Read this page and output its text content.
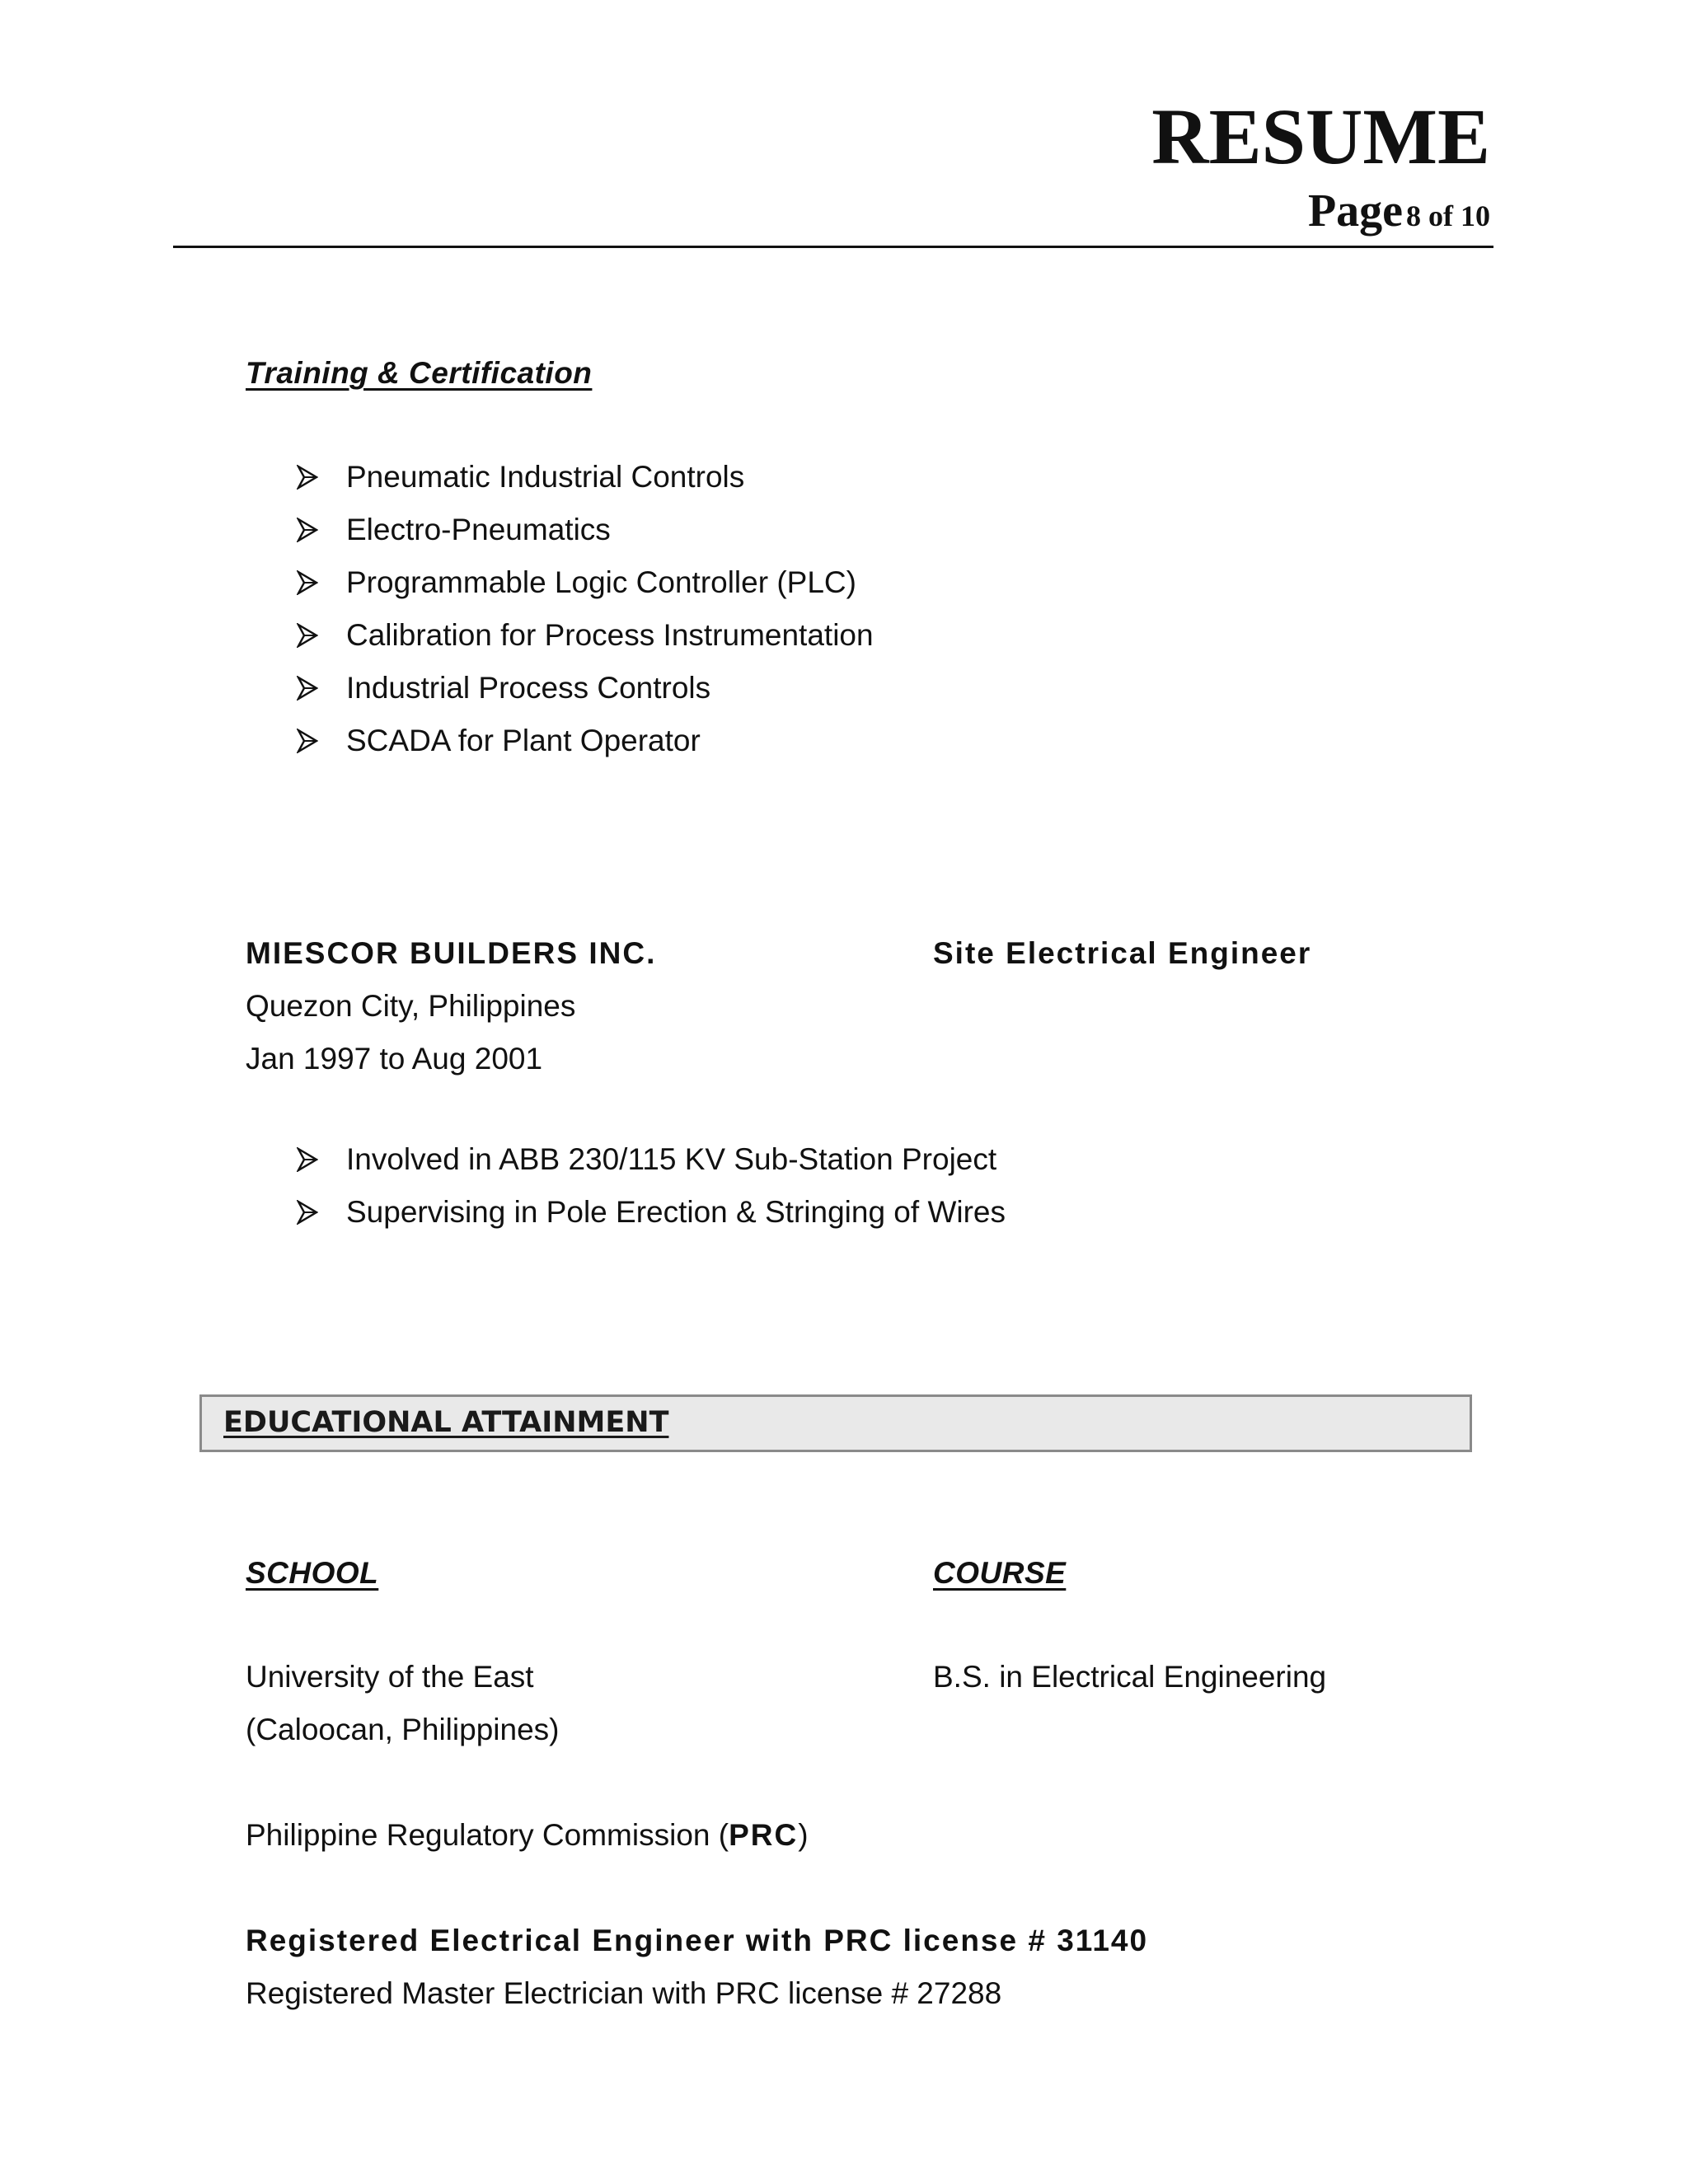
RESUME
Page 8 of 10
Training & Certification
Pneumatic Industrial Controls
Electro-Pneumatics
Programmable Logic Controller (PLC)
Calibration for Process Instrumentation
Industrial Process Controls
SCADA for Plant Operator
MIESCOR BUILDERS INC.	Site Electrical Engineer
Quezon City, Philippines
Jan 1997 to Aug 2001
Involved in ABB 230/115 KV Sub-Station Project
Supervising in Pole Erection & Stringing of Wires
EDUCATIONAL ATTAINMENT
SCHOOL	COURSE
University of the East	B.S. in Electrical Engineering
(Caloocan, Philippines)
Philippine Regulatory Commission (PRC)
Registered Electrical Engineer with PRC license # 31140
Registered Master Electrician with PRC license # 27288
